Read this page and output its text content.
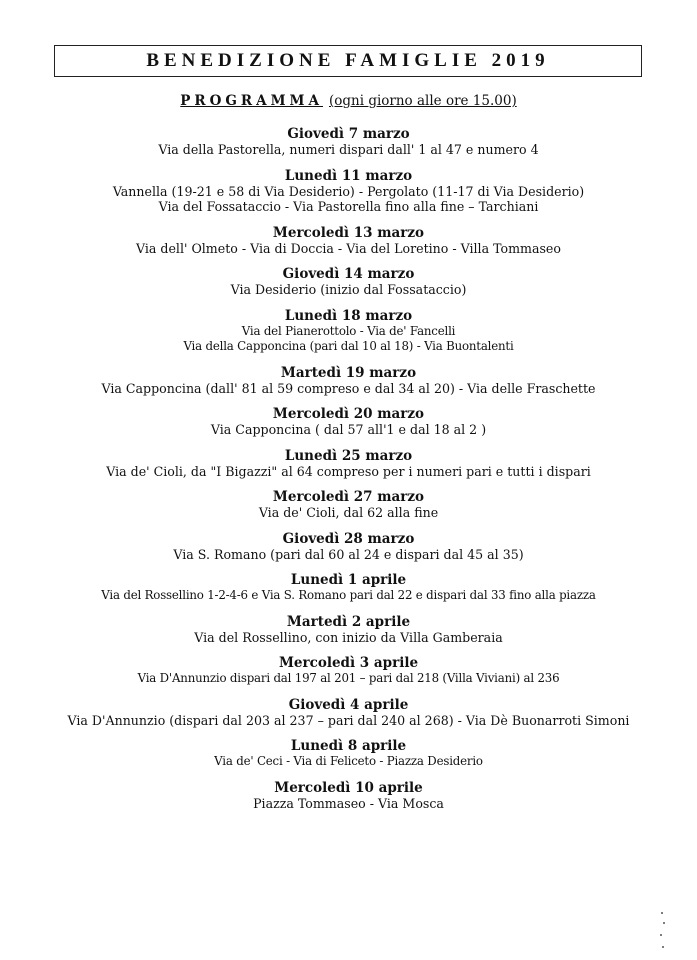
BENEDIZIONE FAMIGLIE 2019
PROGRAMMA (ogni giorno alle ore 15.00)
Giovedì 7 marzo
Via della Pastorella, numeri dispari dall' 1 al 47 e numero 4
Lunedì 11 marzo
Vannella (19-21 e 58 di Via Desiderio) - Pergolato (11-17 di Via Desiderio)
Via del Fossataccio - Via Pastorella fino alla fine – Tarchiani
Mercoledì 13 marzo
Via dell' Olmeto - Via di Doccia - Via del Loretino - Villa Tommaseo
Giovedì 14 marzo
Via Desiderio (inizio dal Fossataccio)
Lunedì 18 marzo
Via del Pianerottolo - Via de' Fancelli
Via della Capponcina (pari dal 10 al 18) - Via Buontalenti
Martedì 19 marzo
Via Capponcina (dall' 81 al 59 compreso e dal 34 al 20) - Via delle Fraschette
Mercoledì 20 marzo
Via Capponcina ( dal 57 all'1 e dal 18 al 2 )
Lunedì 25 marzo
Via de' Cioli, da "I Bigazzi" al 64 compreso per i numeri pari e tutti i dispari
Mercoledì 27 marzo
Via de' Cioli, dal 62 alla fine
Giovedì 28 marzo
Via S. Romano (pari dal 60 al 24 e dispari dal 45 al 35)
Lunedì 1 aprile
Via del Rossellino 1-2-4-6 e Via S. Romano pari dal 22 e dispari dal 33 fino alla piazza
Martedì 2 aprile
Via del Rossellino, con inizio da Villa Gamberaia
Mercoledì 3 aprile
Via D'Annunzio dispari dal 197 al 201 – pari dal 218 (Villa Viviani) al 236
Giovedì 4 aprile
Via D'Annunzio (dispari dal 203 al 237 – pari dal 240 al 268) - Via Dè Buonarroti Simoni
Lunedì 8 aprile
Via de' Ceci - Via di Feliceto - Piazza Desiderio
Mercoledì 10 aprile
Piazza Tommaseo - Via Mosca
